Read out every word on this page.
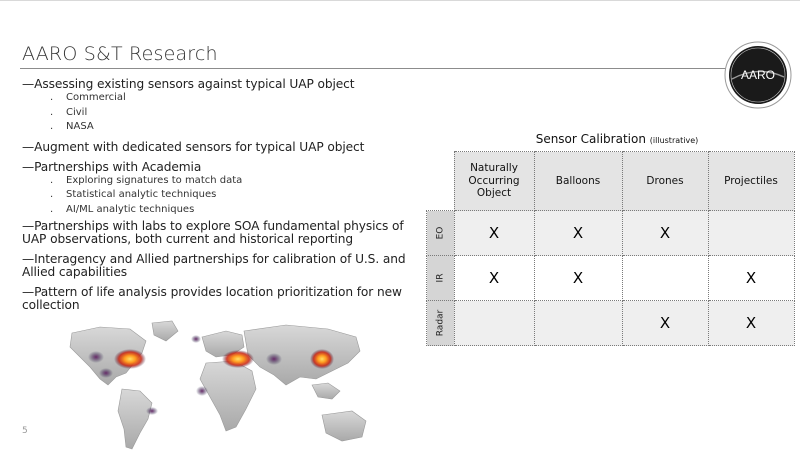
AARO S&T Research
AARO

—Assessing existing sensors against typical UAP object

. Commercial

. Civil

. NASA

—Augment with dedicated sensors for typical UAP object

—Partnerships with Academia

. Exploring signatures to match data

. Statistical analytic techniques

. AI/ML analytic techniques

—Partnerships with labs to explore SOA fundamental physics of UAP observations, both current and historical reporting

—Interagency and Allied partnerships for calibration of U.S. and Allied capabilities

—Pattern of life analysis provides location prioritization for new collection

5
Sensor Calibration (illustrative)
	Naturally Occurring Object	Balloons	Drones	Projectiles
EO	X	X	X	
IR	X	X		X
Radar			X	X
